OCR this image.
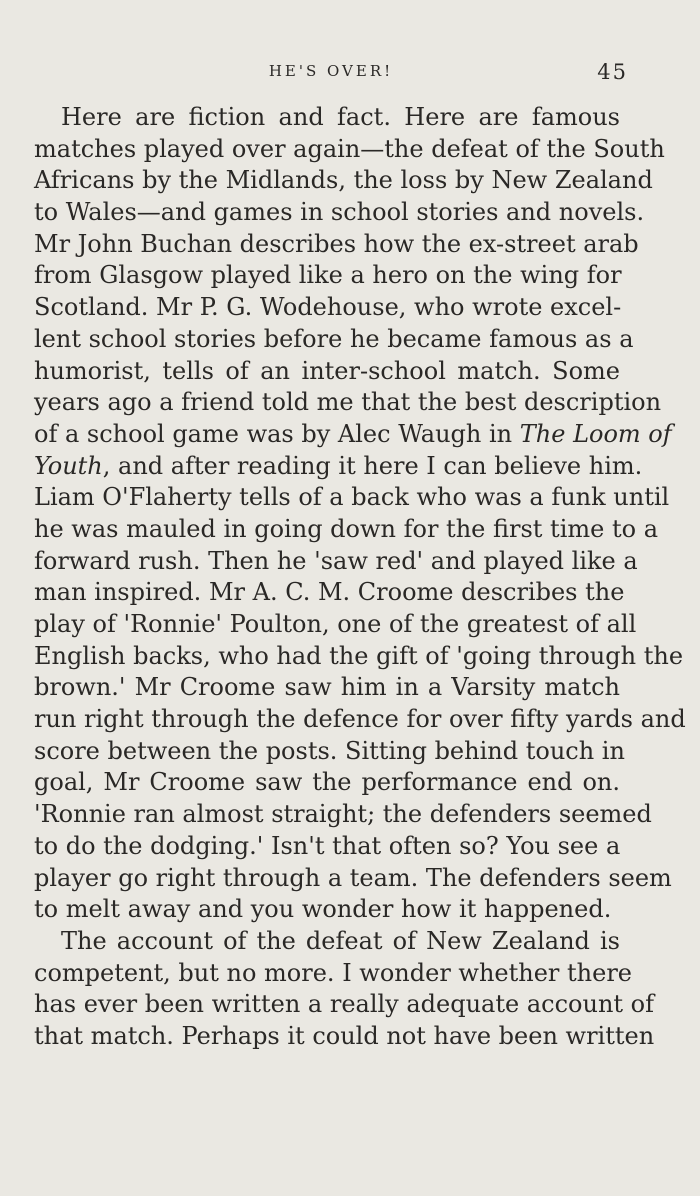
HE'S OVER!	45
Here are fiction and fact. Here are famous
matches played over again—the defeat of the South
Africans by the Midlands, the loss by New Zealand
to Wales—and games in school stories and novels.
Mr John Buchan describes how the ex-street arab
from Glasgow played like a hero on the wing for
Scotland. Mr P. G. Wodehouse, who wrote excel-
lent school stories before he became famous as a
humorist, tells of an inter-school match. Some
years ago a friend told me that the best description
of a school game was by Alec Waugh in The Loom of
Youth, and after reading it here I can believe him.
Liam O'Flaherty tells of a back who was a funk until
he was mauled in going down for the first time to a
forward rush. Then he 'saw red' and played like a
man inspired. Mr A. C. M. Croome describes the
play of 'Ronnie' Poulton, one of the greatest of all
English backs, who had the gift of 'going through the
brown.' Mr Croome saw him in a Varsity match
run right through the defence for over fifty yards and
score between the posts. Sitting behind touch in
goal, Mr Croome saw the performance end on.
'Ronnie ran almost straight; the defenders seemed
to do the dodging.' Isn't that often so? You see a
player go right through a team. The defenders seem
to melt away and you wonder how it happened.
The account of the defeat of New Zealand is
competent, but no more. I wonder whether there
has ever been written a really adequate account of
that match. Perhaps it could not have been written
